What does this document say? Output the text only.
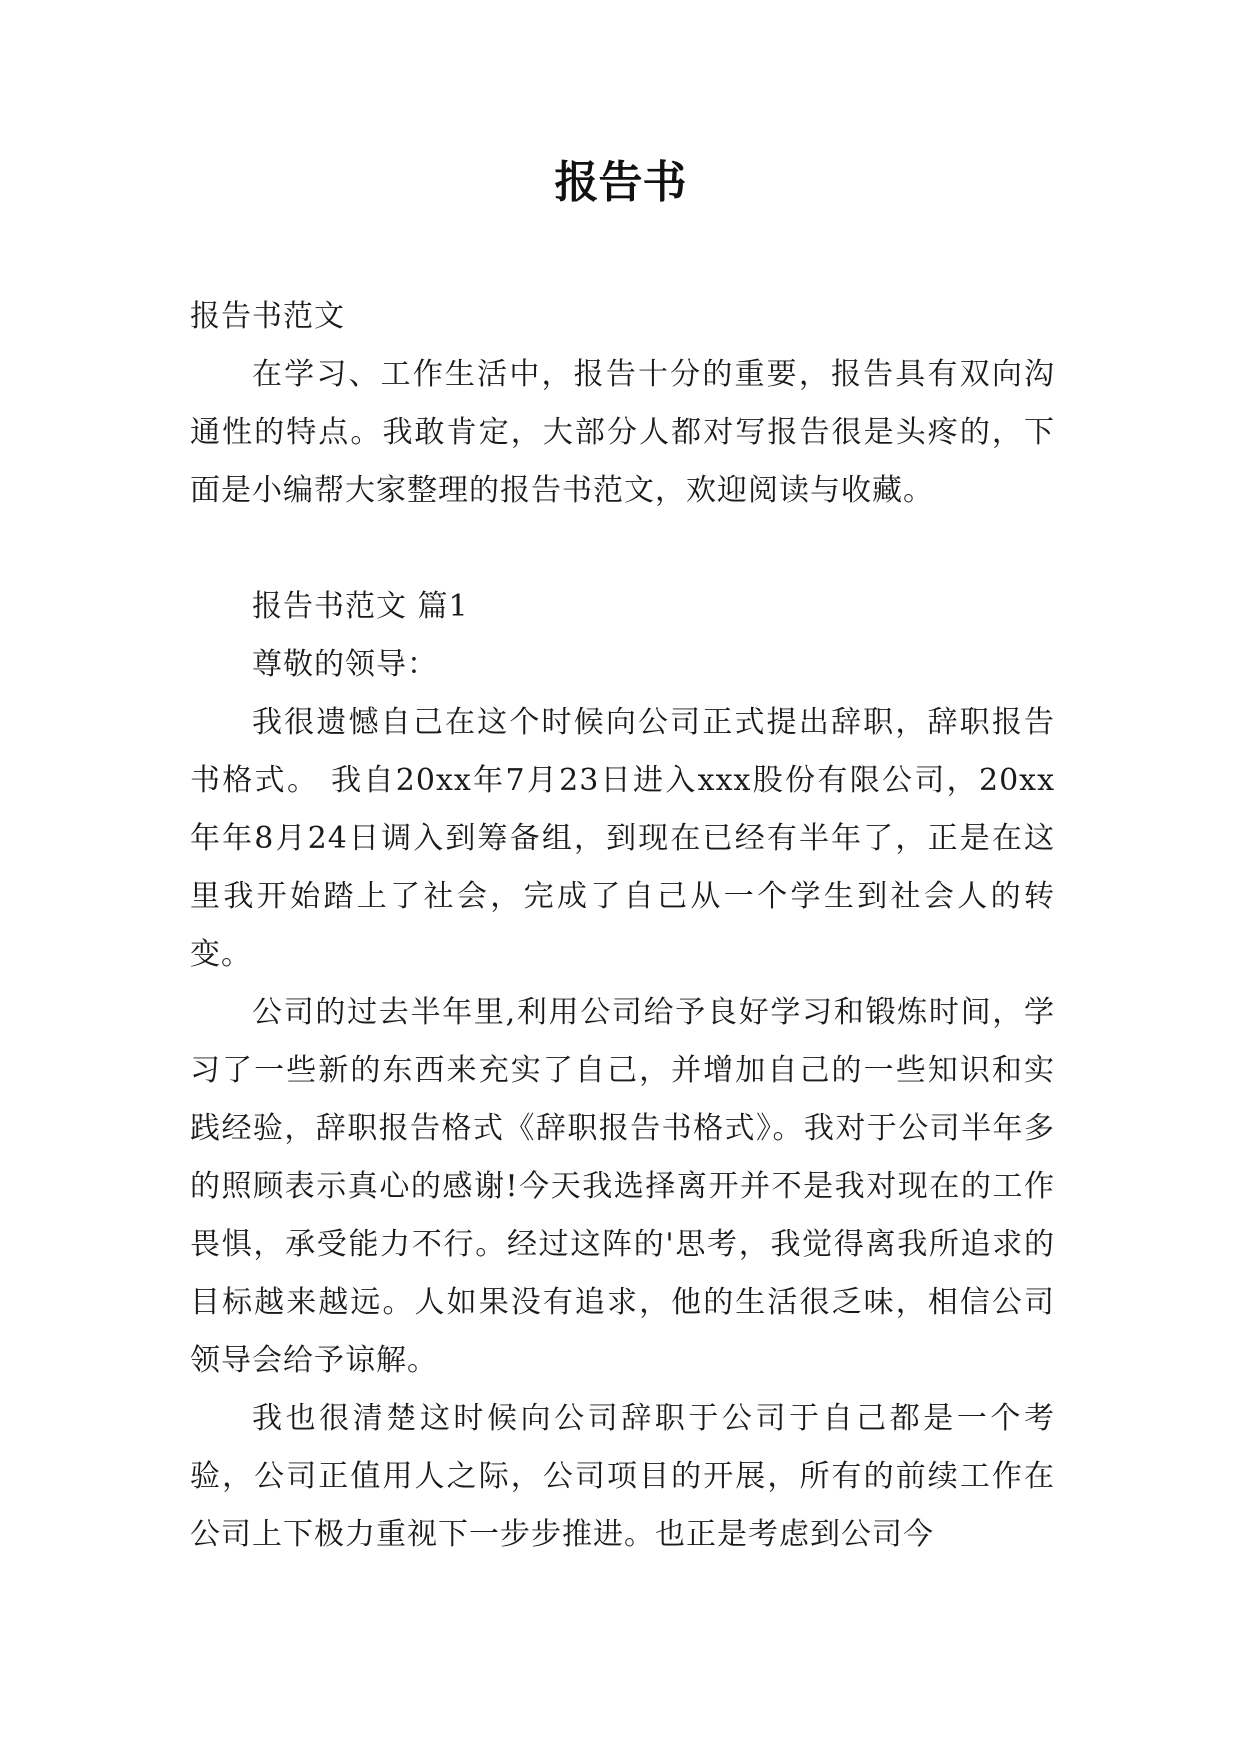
报告书

报告书范文

在学习、工作生活中，报告十分的重要，报告具有双向沟通性的特点。我敢肯定，大部分人都对写报告很是头疼的，下面是小编帮大家整理的报告书范文，欢迎阅读与收藏。

报告书范文 篇1

尊敬的领导：

我很遗憾自己在这个时候向公司正式提出辞职，辞职报告书格式。 我自20xx年7月23日进入xxx股份有限公司，20xx年年8月24日调入到筹备组，到现在已经有半年了，正是在这里我开始踏上了社会，完成了自己从一个学生到社会人的转变。

公司的过去半年里,利用公司给予良好学习和锻炼时间，学习了一些新的东西来充实了自己，并增加自己的一些知识和实践经验，辞职报告格式《辞职报告书格式》。我对于公司半年多的照顾表示真心的感谢!今天我选择离开并不是我对现在的工作畏惧，承受能力不行。经过这阵的'思考，我觉得离我所追求的目标越来越远。人如果没有追求，他的生活很乏味，相信公司领导会给予谅解。

我也很清楚这时候向公司辞职于公司于自己都是一个考验，公司正值用人之际，公司项目的开展，所有的前续工作在公司上下极力重视下一步步推进。也正是考虑到公司今
